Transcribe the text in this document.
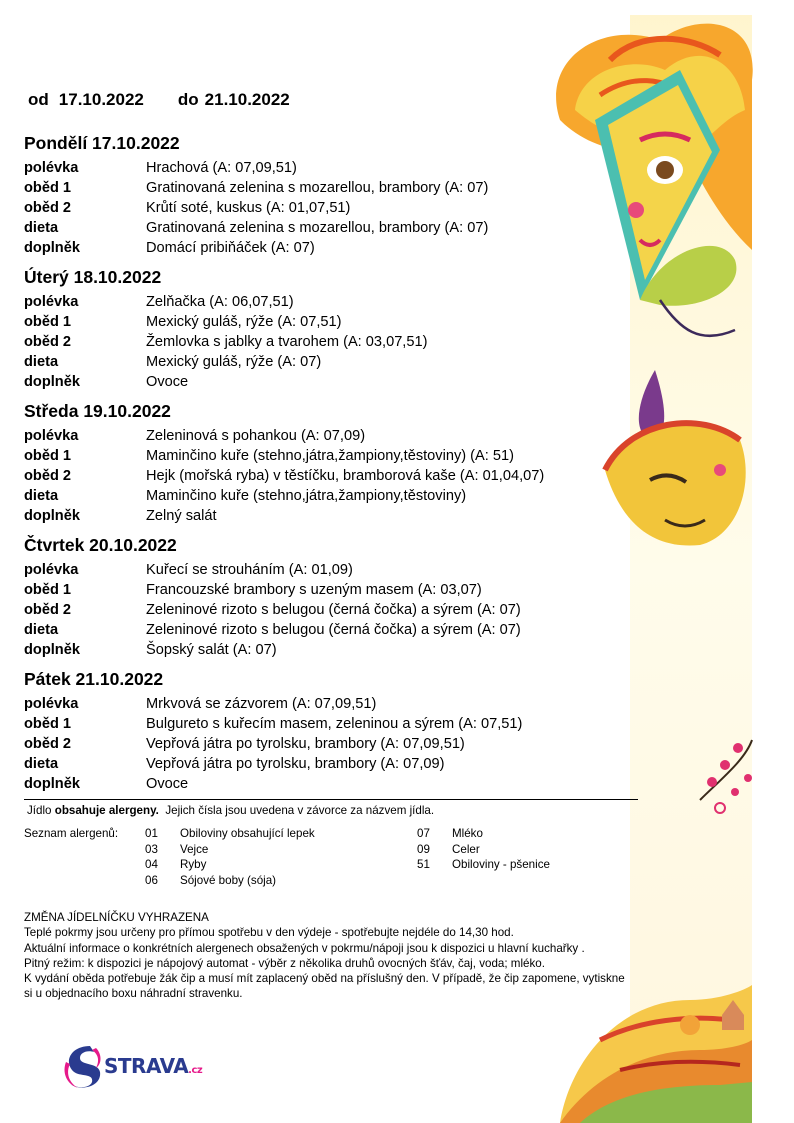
od 17.10.2022 do 21.10.2022
Pondělí 17.10.2022
polévka	Hrachová (A: 07,09,51)
oběd 1	Gratinovaná zelenina s mozarellou, brambory (A: 07)
oběd 2	Krůtí soté, kuskus (A: 01,07,51)
dieta	Gratinovaná zelenina s mozarellou, brambory (A: 07)
doplněk	Domácí pribiňáček (A: 07)
Úterý 18.10.2022
polévka	Zelňačka (A: 06,07,51)
oběd 1	Mexický guláš, rýže (A: 07,51)
oběd 2	Žemlovka s jablky a tvarohem (A: 03,07,51)
dieta	Mexický guláš, rýže (A: 07)
doplněk	Ovoce
Středa 19.10.2022
polévka	Zeleninová s pohankou (A: 07,09)
oběd 1	Maminčino kuře (stehno,játra,žampiony,těstoviny) (A: 51)
oběd 2	Hejk (mořská ryba) v těstíčku, bramborová kaše (A: 01,04,07)
dieta	Maminčino kuře (stehno,játra,žampiony,těstoviny)
doplněk	Zelný salát
Čtvrtek 20.10.2022
polévka	Kuřecí se strouháním (A: 01,09)
oběd 1	Francouzské brambory s uzeným masem (A: 03,07)
oběd 2	Zeleninové rizoto s belugou (černá čočka) a sýrem (A: 07)
dieta	Zeleninové rizoto s belugou (černá čočka) a sýrem (A: 07)
doplněk	Šopský salát (A: 07)
Pátek 21.10.2022
polévka	Mrkvová se zázvorem (A: 07,09,51)
oběd 1	Bulgureto s kuřecím masem, zeleninou a sýrem (A: 07,51)
oběd 2	Vepřová játra po tyrolsku, brambory (A: 07,09,51)
dieta	Vepřová játra po tyrolsku, brambory (A: 07,09)
doplněk	Ovoce
Jídlo obsahuje alergeny. Jejich čísla jsou uvedena v závorce za názvem jídla.
Seznam alergenů: 01	Obiloviny obsahující lepek
03	Vejce
04	Ryby
06	Sójové boby (sója)
07	Mléko
09	Celer
51	Obiloviny - pšenice
ZMĚNA JÍDELNÍČKU VYHRAZENA
Teplé pokrmy jsou určeny pro přímou spotřebu v den výdeje - spotřebujte nejdéle do 14,30 hod.
Aktuální informace o konkrétních alergenech obsažených v pokrmu/nápoji jsou k dispozici u hlavní kuchařky .
Pitný režim: k dispozici je nápojový automat - výběr z několika druhů ovocných šťáv, čaj, voda; mléko.
K vydání oběda potřebuje žák čip a musí mít zaplacený oběd na příslušný den. V případě, že čip zapomene, vytiskne si u objednacího boxu náhradní stravenku.
STRAVA.cz
